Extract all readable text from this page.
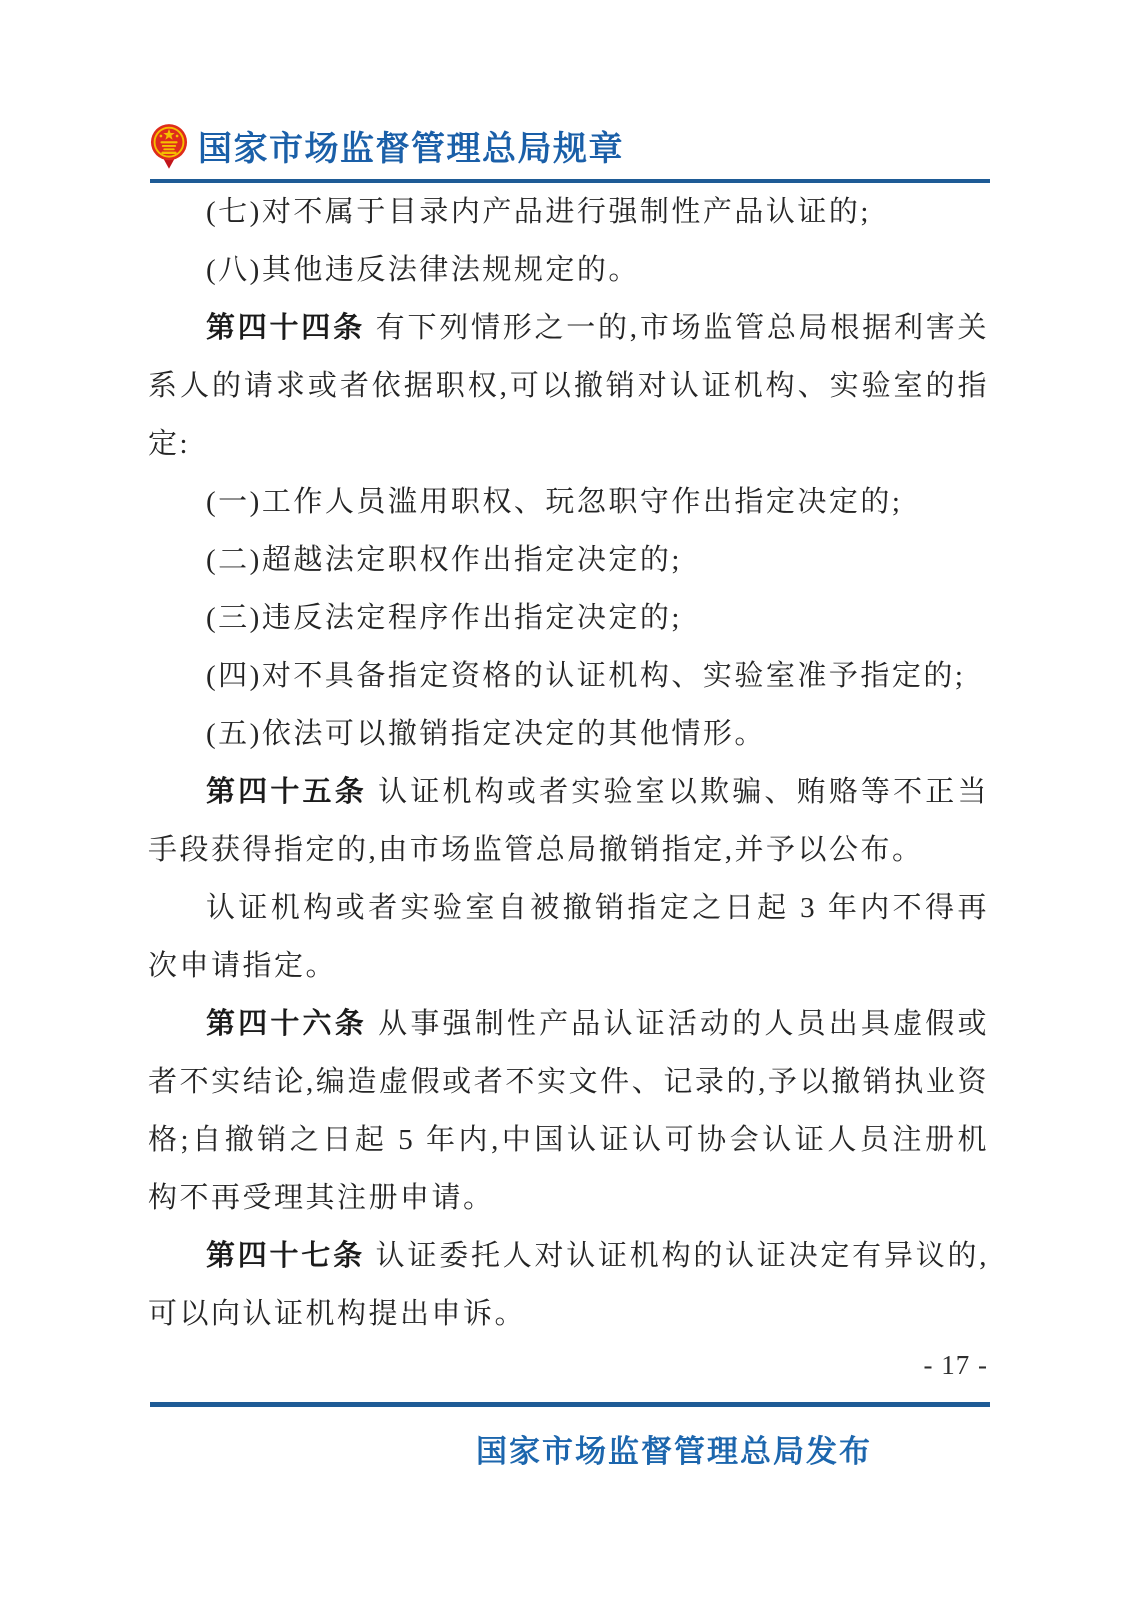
国家市场监督管理总局规章

(七)对不属于目录内产品进行强制性产品认证的;

(八)其他违反法律法规规定的。

第四十四条 有下列情形之一的,市场监管总局根据利害关系人的请求或者依据职权,可以撤销对认证机构、实验室的指定:

(一)工作人员滥用职权、玩忽职守作出指定决定的;

(二)超越法定职权作出指定决定的;

(三)违反法定程序作出指定决定的;

(四)对不具备指定资格的认证机构、实验室准予指定的;

(五)依法可以撤销指定决定的其他情形。

第四十五条 认证机构或者实验室以欺骗、贿赂等不正当手段获得指定的,由市场监管总局撤销指定,并予以公布。

认证机构或者实验室自被撤销指定之日起 3 年内不得再次申请指定。

第四十六条 从事强制性产品认证活动的人员出具虚假或者不实结论,编造虚假或者不实文件、记录的,予以撤销执业资格;自撤销之日起 5 年内,中国认证认可协会认证人员注册机构不再受理其注册申请。

第四十七条 认证委托人对认证机构的认证决定有异议的,可以向认证机构提出申诉。

- 17 -
国家市场监督管理总局发布
